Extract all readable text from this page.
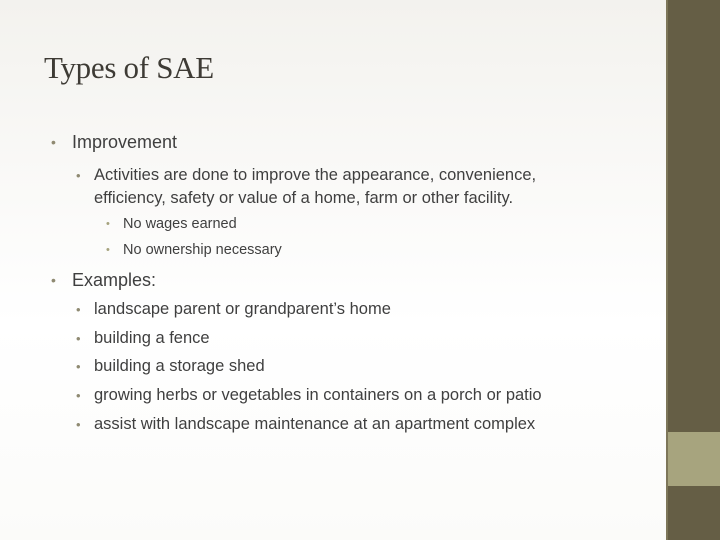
Types of SAE
• Improvement
• Activities are done to improve the appearance, convenience,
efficiency, safety or value of a home, farm or other facility.
• No wages earned
• No ownership necessary
• Examples:
• landscape parent or grandparent’s home
• building a fence
• building a storage shed
• growing herbs or vegetables in containers on a porch or patio
• assist with landscape maintenance at an apartment complex
